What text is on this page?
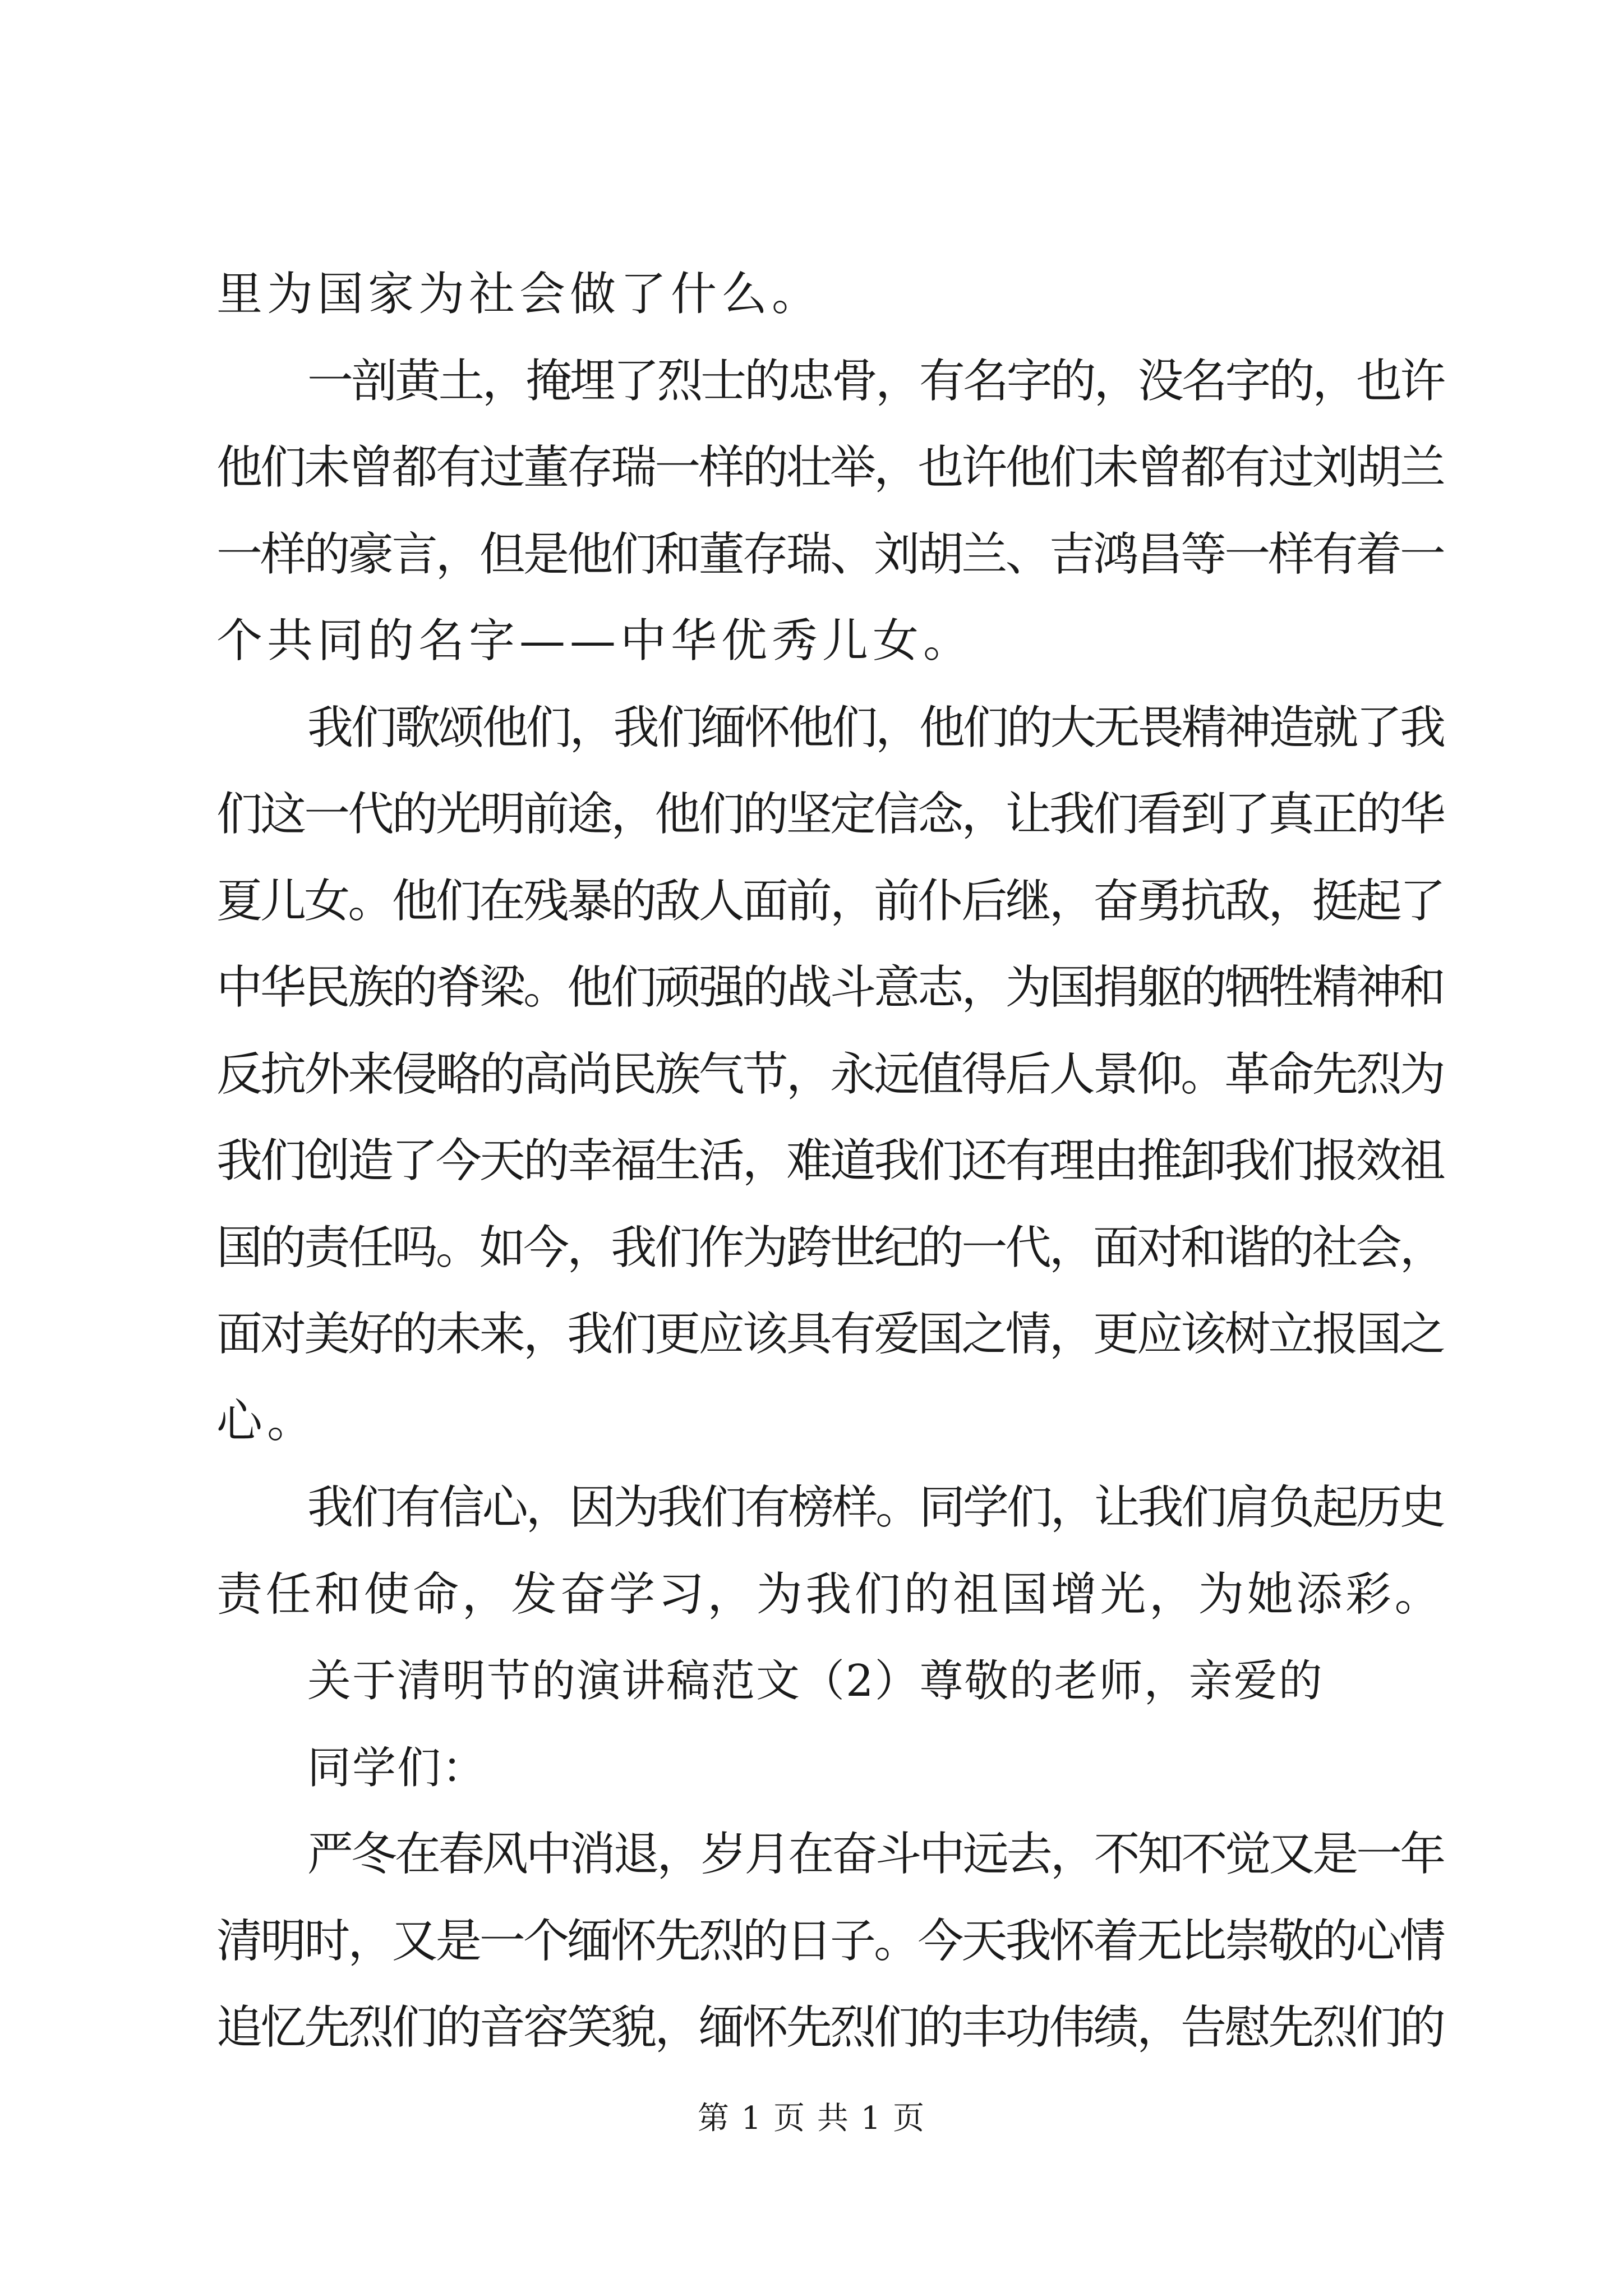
里为国家为社会做了什么。
一剖黄土，掩埋了烈士的忠骨，有名字的，没名字的，也许
他们未曾都有过董存瑞一样的壮举，也许他们未曾都有过刘胡兰
一样的豪言，但是他们和董存瑞、刘胡兰、吉鸿昌等一样有着一
个共同的名字——中华优秀儿女。
我们歌颂他们，我们缅怀他们，他们的大无畏精神造就了我
们这一代的光明前途，他们的坚定信念，让我们看到了真正的华
夏儿女。他们在残暴的敌人面前，前仆后继，奋勇抗敌，挺起了
中华民族的脊梁。他们顽强的战斗意志，为国捐躯的牺牲精神和
反抗外来侵略的高尚民族气节，永远值得后人景仰。革命先烈为
我们创造了今天的幸福生活，难道我们还有理由推卸我们报效祖
国的责任吗。如今，我们作为跨世纪的一代，面对和谐的社会，
面对美好的未来，我们更应该具有爱国之情，更应该树立报国之
心。
我们有信心，因为我们有榜样。同学们，让我们肩负起历史
责任和使命，发奋学习，为我们的祖国增光，为她添彩。
关于清明节的演讲稿范文（2）尊敬的老师，亲爱的
同学们：
严冬在春风中消退，岁月在奋斗中远去，不知不觉又是一年
清明时，又是一个缅怀先烈的日子。今天我怀着无比崇敬的心情
追忆先烈们的音容笑貌，缅怀先烈们的丰功伟绩，告慰先烈们的
第 1 页 共 1 页
